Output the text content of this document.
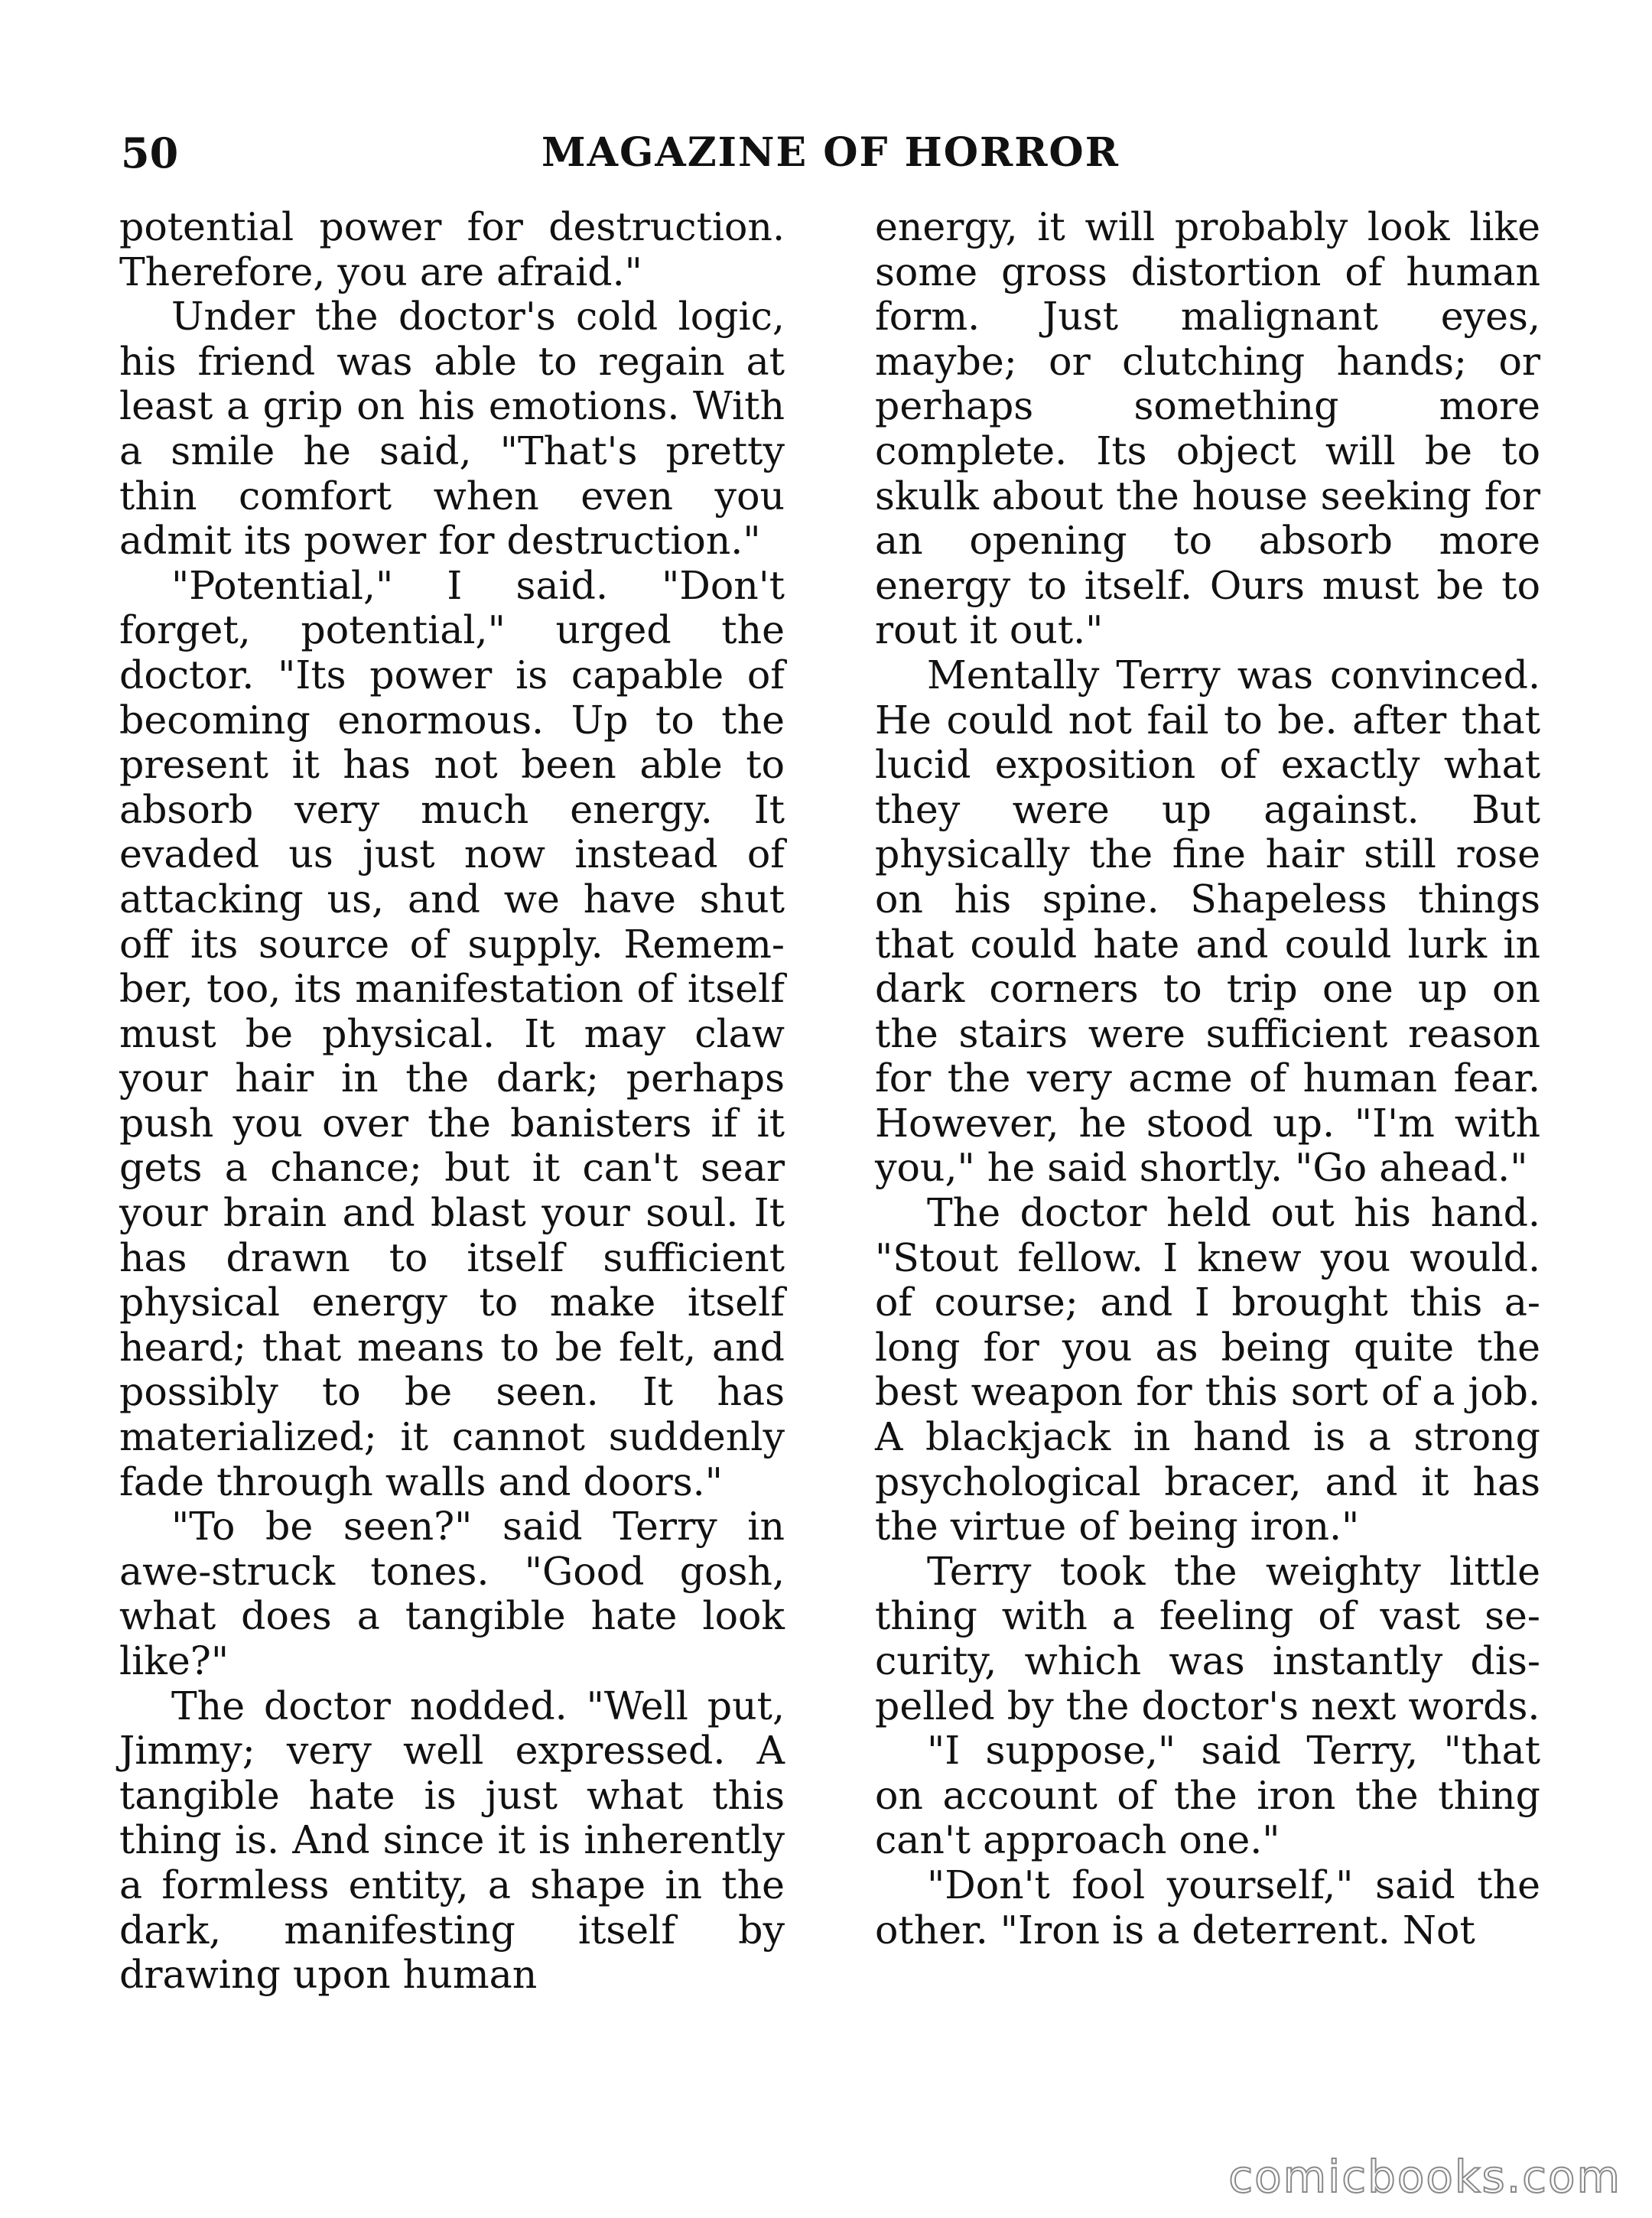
50	MAGAZINE OF HORROR

potential power for destruction. Therefore, you are afraid."

Under the doctor's cold logic, his friend was able to regain at least a grip on his emotions. With a smile he said, "That's pretty thin comfort when even you admit its power for destruction."

"Potential," I said. "Don't forget, potential," urged the doctor. "Its power is capable of becoming enormous. Up to the present it has not been able to absorb very much energy. It evaded us just now instead of attacking us, and we have shut off its source of supply. Remember, too, its manifestation of itself must be physical. It may claw your hair in the dark; perhaps push you over the banisters if it gets a chance; but it can't sear your brain and blast your soul. It has drawn to itself sufficient physical energy to make itself heard; that means to be felt, and possibly to be seen. It has materialized; it cannot suddenly fade through walls and doors."

"To be seen?" said Terry in awe-struck tones. "Good gosh, what does a tangible hate look like?"

The doctor nodded. "Well put, Jimmy; very well expressed. A tangible hate is just what this thing is. And since it is inherently a formless entity, a shape in the dark, manifesting itself by drawing upon human

energy, it will probably look like some gross distortion of human form. Just malignant eyes, maybe; or clutching hands; or perhaps something more complete. Its object will be to skulk about the house seeking for an opening to absorb more energy to itself. Ours must be to rout it out."

Mentally Terry was convinced. He could not fail to be. after that lucid exposition of exactly what they were up against. But physically the fine hair still rose on his spine. Shapeless things that could hate and could lurk in dark corners to trip one up on the stairs were sufficient reason for the very acme of human fear. However, he stood up. "I'm with you," he said shortly. "Go ahead."

The doctor held out his hand. "Stout fellow. I knew you would. of course; and I brought this along for you as being quite the best weapon for this sort of a job. A blackjack in hand is a strong psychological bracer, and it has the virtue of being iron."

Terry took the weighty little thing with a feeling of vast security, which was instantly dispelled by the doctor's next words.

"I suppose," said Terry, "that on account of the iron the thing can't approach one."

"Don't fool yourself," said the other. "Iron is a deterrent. Not

comicbooks.com
